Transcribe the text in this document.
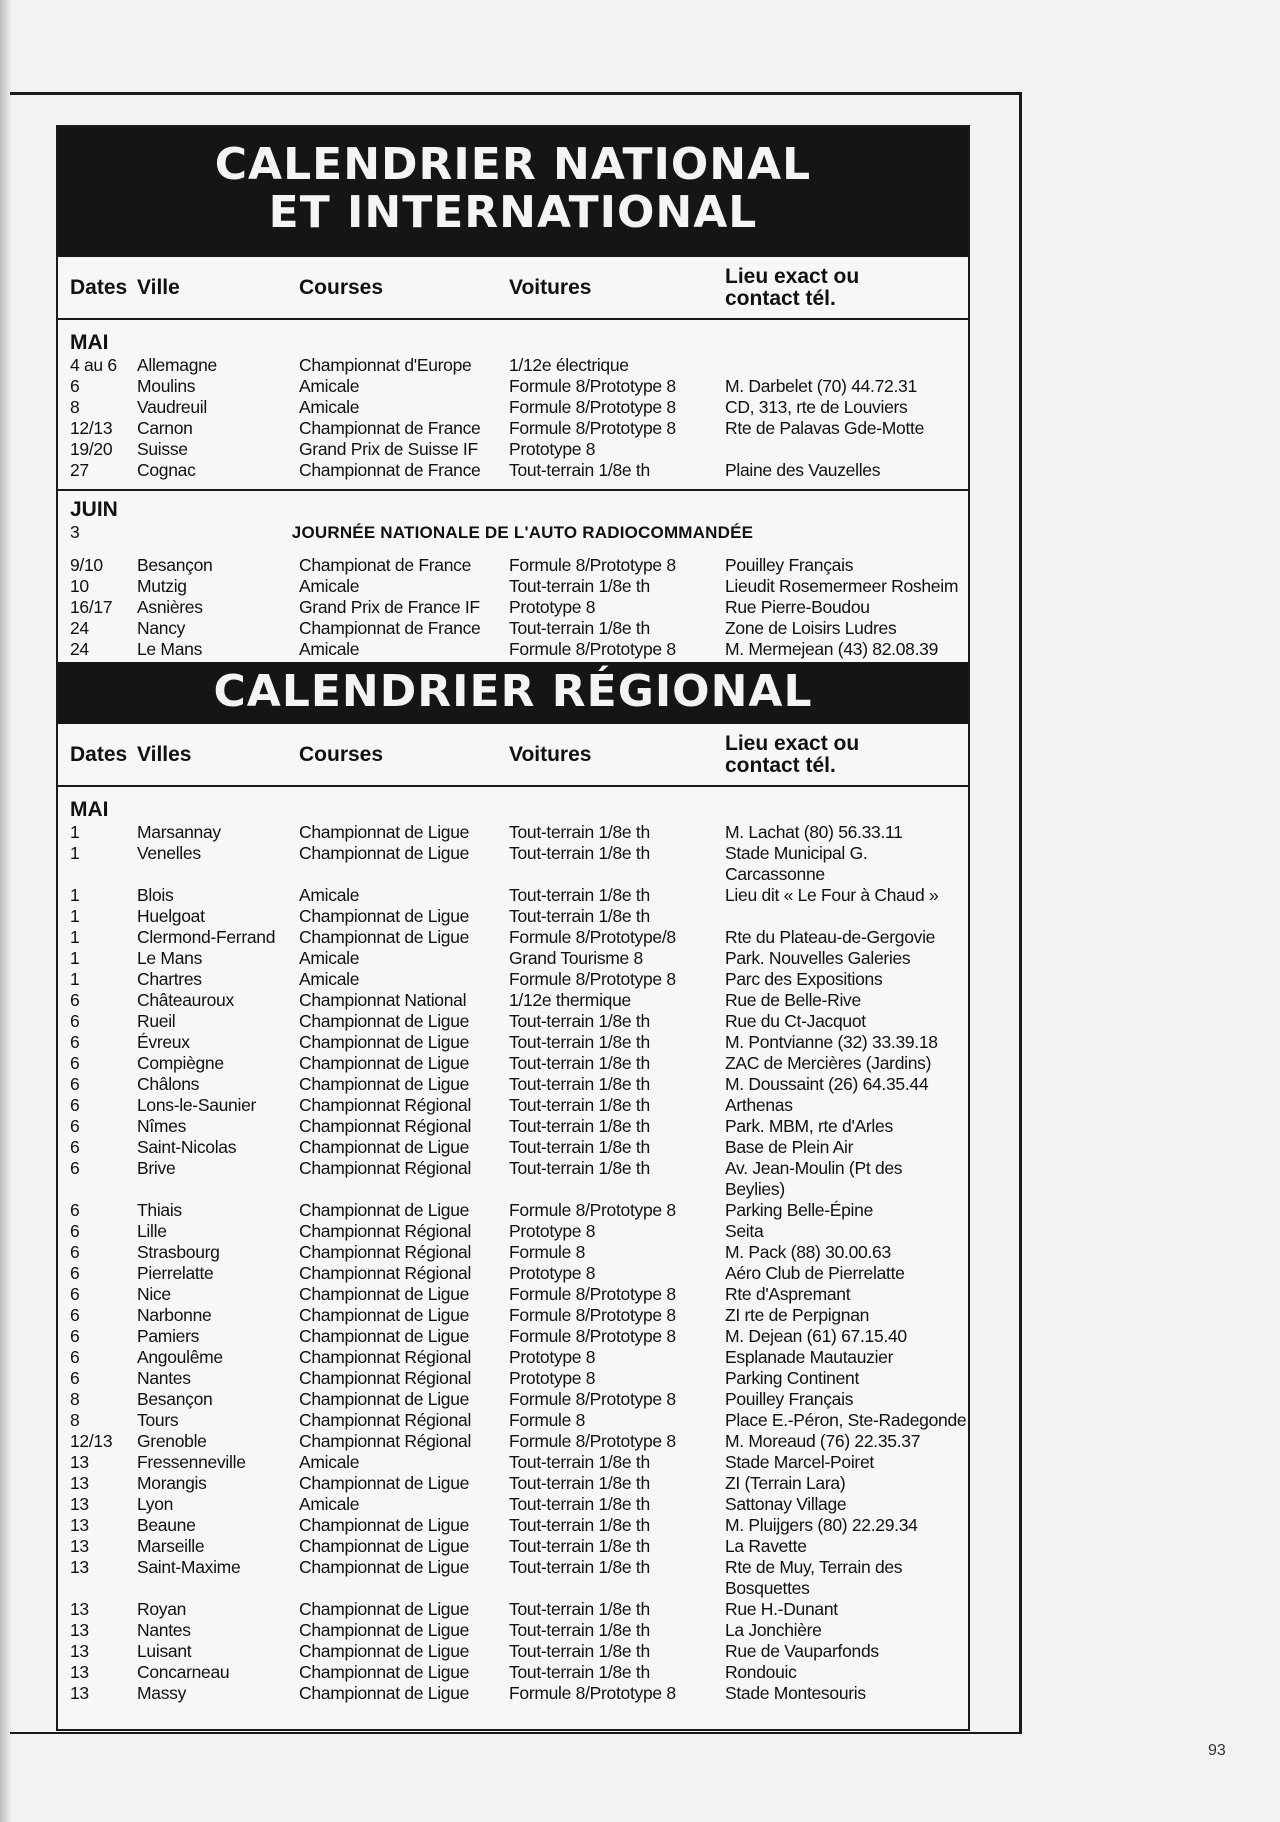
CALENDRIER NATIONAL
ET INTERNATIONAL
Dates Ville	Courses	Voitures	Lieu exact ou
contact tél.
MAI
4 au 6	Allemagne	Championnat d'Europe	1/12e électrique
6	Moulins	Amicale	Formule 8/Prototype 8	M. Darbelet (70) 44.72.31
8	Vaudreuil	Amicale	Formule 8/Prototype 8	CD, 313, rte de Louviers
12/13	Carnon	Championnat de France	Formule 8/Prototype 8	Rte de Palavas Gde-Motte
19/20	Suisse	Grand Prix de Suisse IF	Prototype 8
27	Cognac	Championnat de France	Tout-terrain 1/8e th	Plaine des Vauzelles
JUIN
3	JOURNÉE NATIONALE DE L'AUTO RADIOCOMMANDÉE
9/10	Besançon	Championat de France	Formule 8/Prototype 8	Pouilley Français
10	Mutzig	Amicale	Tout-terrain 1/8e th	Lieudit Rosemermeer Rosheim
16/17	Asnières	Grand Prix de France IF	Prototype 8	Rue Pierre-Boudou
24	Nancy	Championnat de France	Tout-terrain 1/8e th	Zone de Loisirs Ludres
24	Le Mans	Amicale	Formule 8/Prototype 8	M. Mermejean (43) 82.08.39
CALENDRIER RÉGIONAL
Dates Villes	Courses	Voitures	Lieu exact ou
contact tél.
MAI
1	Marsannay	Championnat de Ligue	Tout-terrain 1/8e th	M. Lachat (80) 56.33.11
1	Venelles	Championnat de Ligue	Tout-terrain 1/8e th	Stade Municipal G.
Carcassonne
1	Blois	Amicale	Tout-terrain 1/8e th	Lieu dit « Le Four à Chaud »
1	Huelgoat	Championnat de Ligue	Tout-terrain 1/8e th
1	Clermond-Ferrand	Championnat de Ligue	Formule 8/Prototype/8	Rte du Plateau-de-Gergovie
1	Le Mans	Amicale	Grand Tourisme 8	Park. Nouvelles Galeries
1	Chartres	Amicale	Formule 8/Prototype 8	Parc des Expositions
6	Châteauroux	Championnat National	1/12e thermique	Rue de Belle-Rive
6	Rueil	Championnat de Ligue	Tout-terrain 1/8e th	Rue du Ct-Jacquot
6	Évreux	Championnat de Ligue	Tout-terrain 1/8e th	M. Pontvianne (32) 33.39.18
6	Compiègne	Championnat de Ligue	Tout-terrain 1/8e th	ZAC de Mercières (Jardins)
6	Châlons	Championnat de Ligue	Tout-terrain 1/8e th	M. Doussaint (26) 64.35.44
6	Lons-le-Saunier	Championnat Régional	Tout-terrain 1/8e th	Arthenas
6	Nîmes	Championnat Régional	Tout-terrain 1/8e th	Park. MBM, rte d'Arles
6	Saint-Nicolas	Championnat de Ligue	Tout-terrain 1/8e th	Base de Plein Air
6	Brive	Championnat Régional	Tout-terrain 1/8e th	Av. Jean-Moulin (Pt des
Beylies)
6	Thiais	Championnat de Ligue	Formule 8/Prototype 8	Parking Belle-Épine
6	Lille	Championnat Régional	Prototype 8	Seita
6	Strasbourg	Championnat Régional	Formule 8	M. Pack (88) 30.00.63
6	Pierrelatte	Championnat Régional	Prototype 8	Aéro Club de Pierrelatte
6	Nice	Championnat de Ligue	Formule 8/Prototype 8	Rte d'Aspremant
6	Narbonne	Championnat de Ligue	Formule 8/Prototype 8	ZI rte de Perpignan
6	Pamiers	Championnat de Ligue	Formule 8/Prototype 8	M. Dejean (61) 67.15.40
6	Angoulême	Championnat Régional	Prototype 8	Esplanade Mautauzier
6	Nantes	Championnat Régional	Prototype 8	Parking Continent
8	Besançon	Championnat de Ligue	Formule 8/Prototype 8	Pouilley Français
8	Tours	Championnat Régional	Formule 8	Place E.-Péron, Ste-Radegonde
12/13	Grenoble	Championnat Régional	Formule 8/Prototype 8	M. Moreaud (76) 22.35.37
13	Fressenneville	Amicale	Tout-terrain 1/8e th	Stade Marcel-Poiret
13	Morangis	Championnat de Ligue	Tout-terrain 1/8e th	ZI (Terrain Lara)
13	Lyon	Amicale	Tout-terrain 1/8e th	Sattonay Village
13	Beaune	Championnat de Ligue	Tout-terrain 1/8e th	M. Pluijgers (80) 22.29.34
13	Marseille	Championnat de Ligue	Tout-terrain 1/8e th	La Ravette
13	Saint-Maxime	Championnat de Ligue	Tout-terrain 1/8e th	Rte de Muy, Terrain des
Bosquettes
13	Royan	Championnat de Ligue	Tout-terrain 1/8e th	Rue H.-Dunant
13	Nantes	Championnat de Ligue	Tout-terrain 1/8e th	La Jonchière
13	Luisant	Championnat de Ligue	Tout-terrain 1/8e th	Rue de Vauparfonds
13	Concarneau	Championnat de Ligue	Tout-terrain 1/8e th	Rondouic
13	Massy	Championnat de Ligue	Formule 8/Prototype 8	Stade Montesouris
93
